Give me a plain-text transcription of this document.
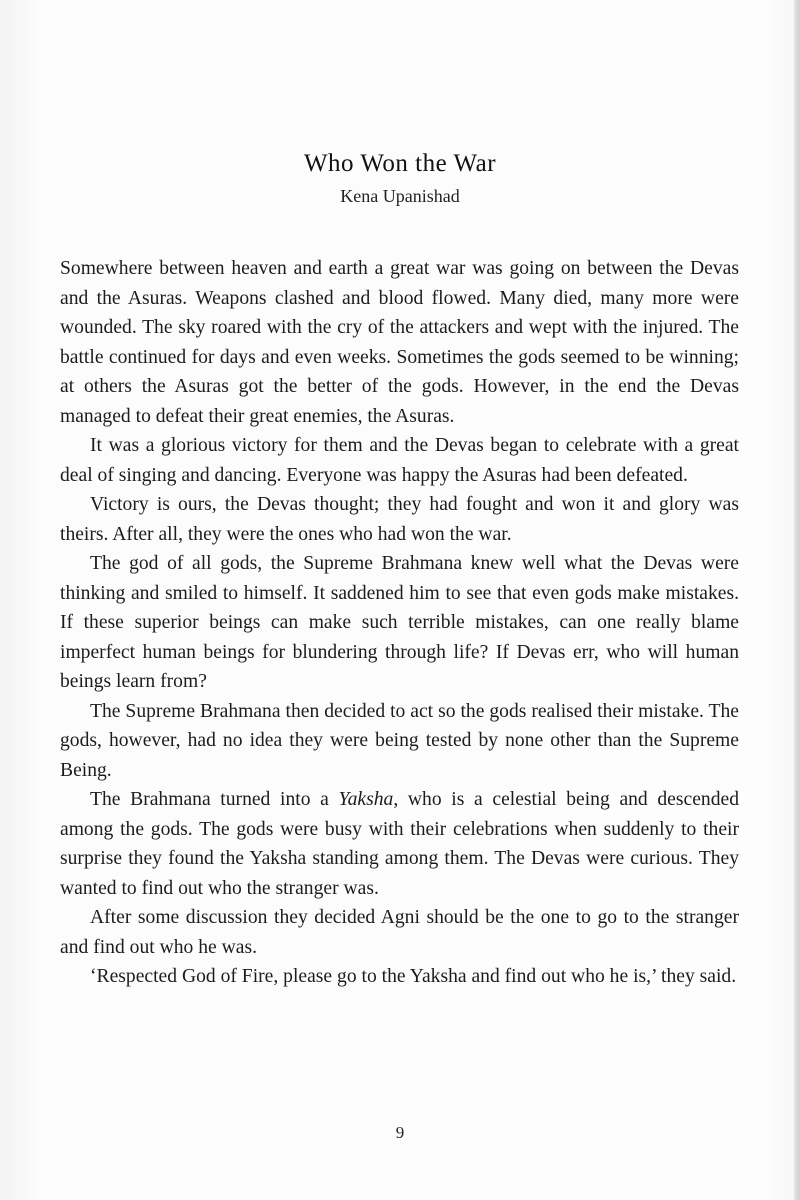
Who Won the War
Kena Upanishad

Somewhere between heaven and earth a great war was going on between the Devas and the Asuras. Weapons clashed and blood flowed. Many died, many more were wounded. The sky roared with the cry of the attackers and wept with the injured. The battle continued for days and even weeks. Sometimes the gods seemed to be winning; at others the Asuras got the better of the gods. However, in the end the Devas managed to defeat their great enemies, the Asuras.

It was a glorious victory for them and the Devas began to celebrate with a great deal of singing and dancing. Everyone was happy the Asuras had been defeated.

Victory is ours, the Devas thought; they had fought and won it and glory was theirs. After all, they were the ones who had won the war.

The god of all gods, the Supreme Brahmana knew well what the Devas were thinking and smiled to himself. It saddened him to see that even gods make mistakes. If these superior beings can make such terrible mistakes, can one really blame imperfect human beings for blundering through life? If Devas err, who will human beings learn from?

The Supreme Brahmana then decided to act so the gods realised their mistake. The gods, however, had no idea they were being tested by none other than the Supreme Being.

The Brahmana turned into a Yaksha, who is a celestial being and descended among the gods. The gods were busy with their celebrations when suddenly to their surprise they found the Yaksha standing among them. The Devas were curious. They wanted to find out who the stranger was.

After some discussion they decided Agni should be the one to go to the stranger and find out who he was.

‘Respected God of Fire, please go to the Yaksha and find out who he is,’ they said.

9
